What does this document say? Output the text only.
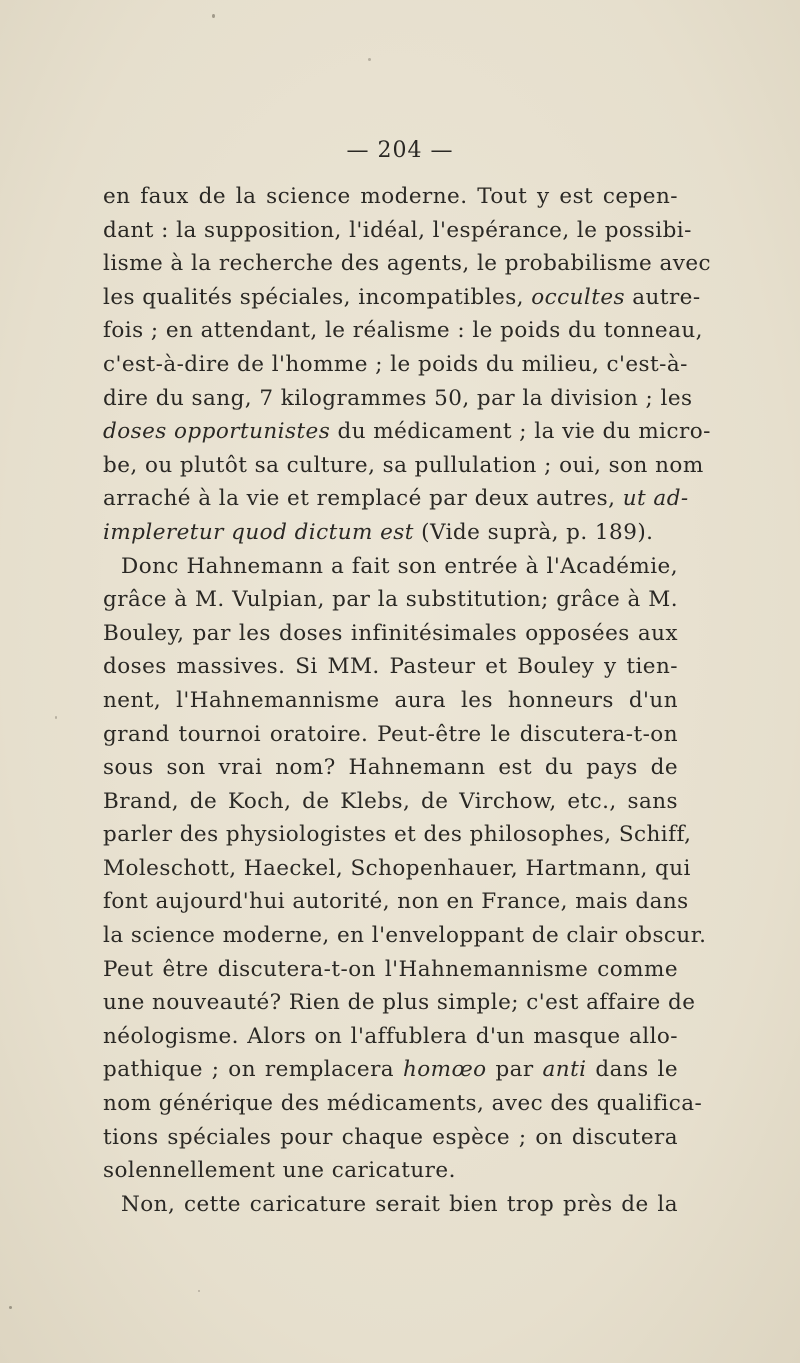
— 204 —
en faux de la science moderne. Tout y est cepen-
dant : la supposition, l'idéal, l'espérance, le possibi-
lisme à la recherche des agents, le probabilisme avec
les qualités spéciales, incompatibles, occultes autre-
fois ; en attendant, le réalisme : le poids du tonneau,
c'est-à-dire de l'homme ; le poids du milieu, c'est-à-
dire du sang, 7 kilogrammes 50, par la division ; les
doses opportunistes du médicament ; la vie du micro-
be, ou plutôt sa culture, sa pullulation ; oui, son nom
arraché à la vie et remplacé par deux autres, ut ad-
impleretur quod dictum est (Vide suprà, p. 189).
Donc Hahnemann a fait son entrée à l'Académie,
grâce à M. Vulpian, par la substitution; grâce à M.
Bouley, par les doses infinitésimales opposées aux
doses massives. Si MM. Pasteur et Bouley y tien-
nent, l'Hahnemannisme aura les honneurs d'un
grand tournoi oratoire. Peut-être le discutera-t-on
sous son vrai nom? Hahnemann est du pays de
Brand, de Koch, de Klebs, de Virchow, etc., sans
parler des physiologistes et des philosophes, Schiff,
Moleschott, Haeckel, Schopenhauer, Hartmann, qui
font aujourd'hui autorité, non en France, mais dans
la science moderne, en l'enveloppant de clair obscur.
Peut être discutera-t-on l'Hahnemannisme comme
une nouveauté? Rien de plus simple; c'est affaire de
néologisme. Alors on l'affublera d'un masque allo-
pathique ; on remplacera homœo par anti dans le
nom générique des médicaments, avec des qualifica-
tions spéciales pour chaque espèce ; on discutera
solennellement une caricature.
Non, cette caricature serait bien trop près de la
